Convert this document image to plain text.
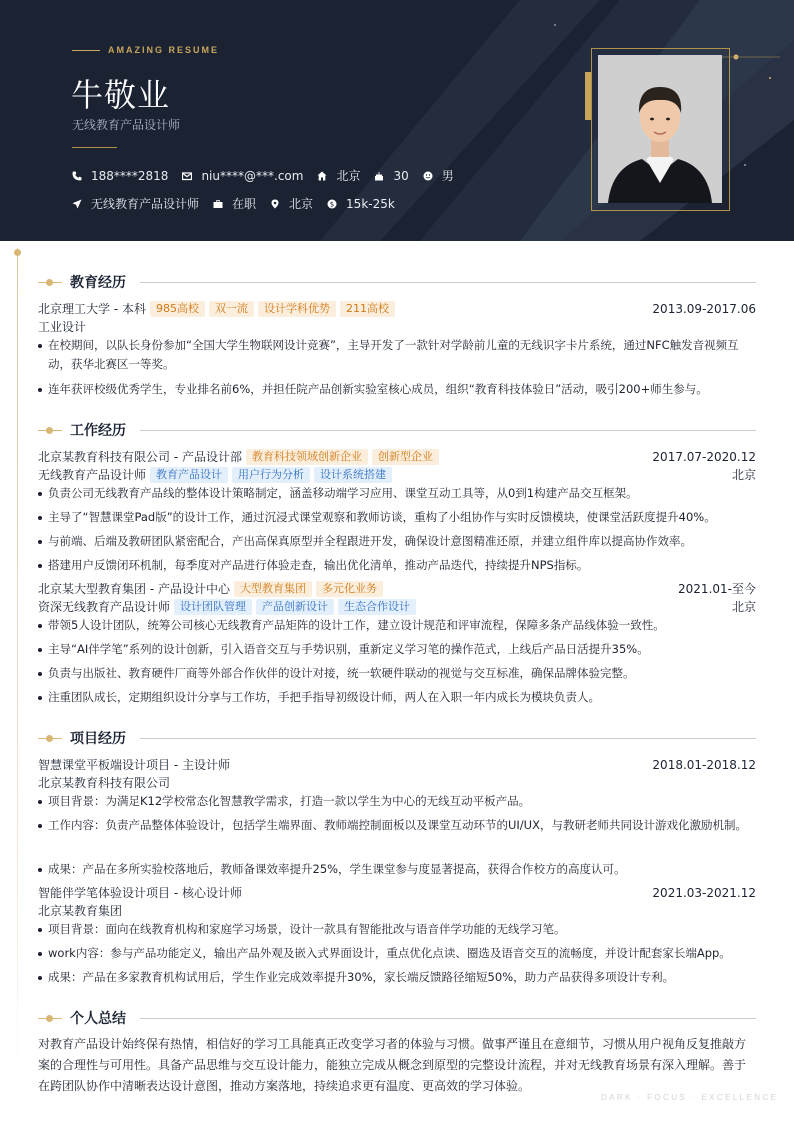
AMAZING RESUME
牛敬业
无线教育产品设计师
188****2818	niu****@***.com	北京	30	男
无线教育产品设计师	在职	北京 $ 15k-25k
教育经历
北京理工大学 - 本科 985高校	双一流	设计学科优势	211高校	2013.09-2017.06
工业设计
在校期间，以队长身份参加“全国大学生物联网设计竞赛”，主导开发了一款针对学龄前儿童的无线识字卡片系统，通过NFC触发音视频互动，获华北赛区一等奖。
连年获评校级优秀学生，专业排名前6%，并担任院产品创新实验室核心成员，组织“教育科技体验日”活动，吸引200+师生参与。
工作经历
北京某教育科技有限公司 - 产品设计部 教育科技领域创新企业	创新型企业	2017.07-2020.12
无线教育产品设计师 教育产品设计	用户行为分析	设计系统搭建	北京
负责公司无线教育产品线的整体设计策略制定，涵盖移动端学习应用、课堂互动工具等，从0到1构建产品交互框架。
主导了“智慧课堂Pad版”的设计工作，通过沉浸式课堂观察和教师访谈，重构了小组协作与实时反馈模块，使课堂活跃度提升40%。
与前端、后端及教研团队紧密配合，产出高保真原型并全程跟进开发，确保设计意图精准还原，并建立组件库以提高协作效率。
搭建用户反馈闭环机制，每季度对产品进行体验走查，输出优化清单，推动产品迭代，持续提升NPS指标。
北京某大型教育集团 - 产品设计中心 大型教育集团	多元化业务	2021.01-至今
资深无线教育产品设计师 设计团队管理	产品创新设计	生态合作设计	北京
带领5人设计团队，统筹公司核心无线教育产品矩阵的设计工作，建立设计规范和评审流程，保障多条产品线体验一致性。
主导“AI伴学笔”系列的设计创新，引入语音交互与手势识别，重新定义学习笔的操作范式，上线后产品日活提升35%。
负责与出版社、教育硬件厂商等外部合作伙伴的设计对接，统一软硬件联动的视觉与交互标准，确保品牌体验完整。
注重团队成长，定期组织设计分享与工作坊，手把手指导初级设计师，两人在入职一年内成长为模块负责人。
项目经历
智慧课堂平板端设计项目 - 主设计师	2018.01-2018.12
北京某教育科技有限公司
项目背景：为满足K12学校常态化智慧教学需求，打造一款以学生为中心的无线互动平板产品。
工作内容：负责产品整体体验设计，包括学生端界面、教师端控制面板以及课堂互动环节的UI/UX，与教研老师共同设计游戏化激励机制。
成果：产品在多所实验校落地后，教师备课效率提升25%，学生课堂参与度显著提高，获得合作校方的高度认可。
智能伴学笔体验设计项目 - 核心设计师	2021.03-2021.12
北京某教育集团
项目背景：面向在线教育机构和家庭学习场景，设计一款具有智能批改与语音伴学功能的无线学习笔。
work内容：参与产品功能定义，输出产品外观及嵌入式界面设计，重点优化点读、圈选及语音交互的流畅度，并设计配套家长端App。
成果：产品在多家教育机构试用后，学生作业完成效率提升30%，家长端反馈路径缩短50%，助力产品获得多项设计专利。
个人总结
对教育产品设计始终保有热情，相信好的学习工具能真正改变学习者的体验与习惯。做事严谨且在意细节，习惯从用户视角反复推敲方案的合理性与可用性。具备产品思维与交互设计能力，能独立完成从概念到原型的完整设计流程，并对无线教育场景有深入理解。善于在跨团队协作中清晰表达设计意图，推动方案落地，持续追求更有温度、更高效的学习体验。
DARK · FOCUS · EXCELLENCE
